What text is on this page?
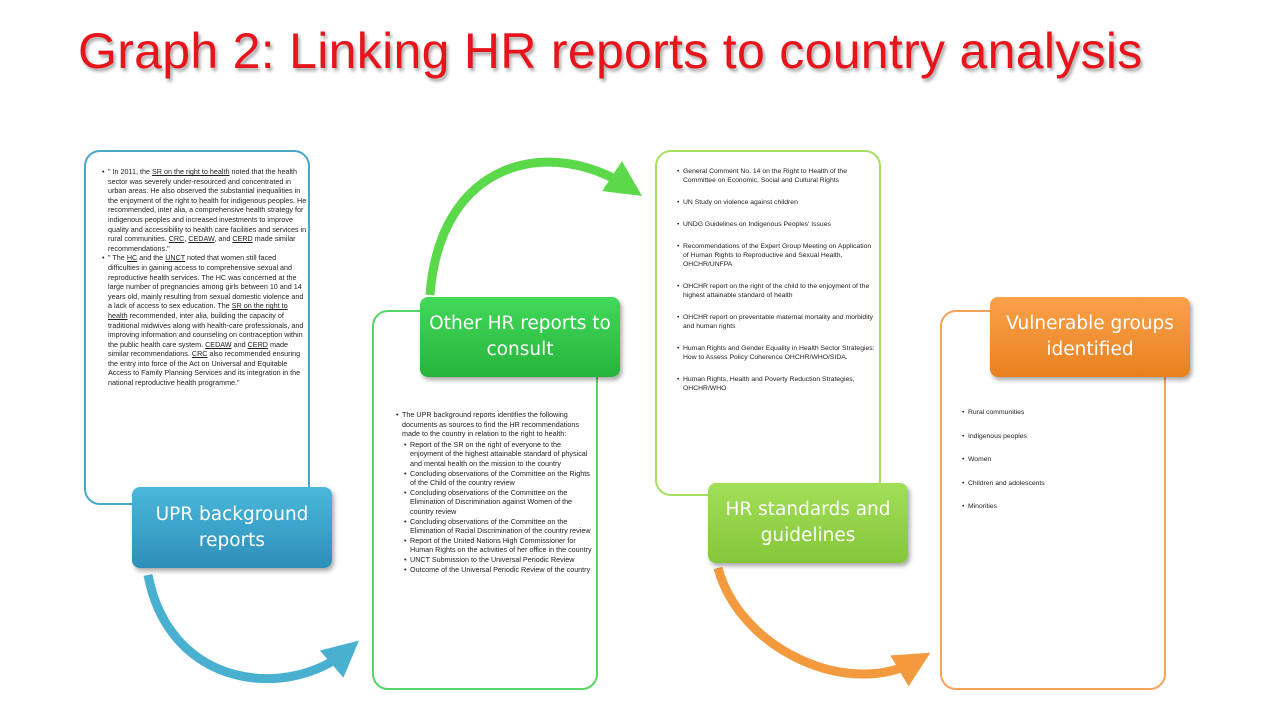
Graph 2: Linking HR reports to country analysis
• " In 2011, the SR on the right to health noted that the health sector was severely under-resourced and concentrated in urban areas. He also observed the substantial inequalities in the enjoyment of the right to health for indigenous peoples. He recommended, inter alia, a comprehensive health strategy for indigenous peoples and increased investments to improve quality and accessibility to health care facilities and services in rural communities. CRC, CEDAW, and CERD made similar recommendations."
• " The HC and the UNCT noted that women still faced difficulties in gaining access to comprehensive sexual and reproductive health services. The HC was concerned at the large number of pregnancies among girls between 10 and 14 years old, mainly resulting from sexual domestic violence and a lack of access to sex education. The SR on the right to health recommended, inter alia, building the capacity of traditional midwives along with health-care professionals, and improving information and counseling on contraception within the public health care system. CEDAW and CERD made similar recommendations. CRC also recommended ensuring the entry into force of the Act on Universal and Equitable Access to Family Planning Services and its integration in the national reproductive health programme."
UPR background reports
• The UPR background reports identifies the following documents as sources to find the HR recommendations made to the country in relation to the right to health:
• Report of the SR on the right of everyone to the enjoyment of the highest attainable standard of physical and mental health on the mission to the country
• Concluding observations of the Committee on the Rights of the Child of the country review
• Concluding observations of the Committee on the Elimination of Discrimination against Women of the country review
• Concluding observations of the Committee on the Elimination of Racial Discrimination of the country review
• Report of the United Nations High Commissioner for Human Rights on the activities of her office in the country
• UNCT Submission to the Universal Periodic Review
• Outcome of the Universal Periodic Review of the country
Other HR reports to consult
• General Comment No. 14 on the Right to Health of the Committee on Economic, Social and Cultural Rights
• UN Study on violence against children
• UNDG Guidelines on Indigenous Peoples' Issues
• Recommendations of the Expert Group Meeting on Application of Human Rights to Reproductive and Sexual Health, OHCHR/UNFPA
• OHCHR report on the right of the child to the enjoyment of the highest attainable standard of health
• OHCHR report on preventable maternal mortality and morbidity and human rights
• Human Rights and Gender Equality in Health Sector Strategies: How to Assess Policy Coherence OHCHR/WHO/SIDA.
• Human Rights, Health and Poverty Reduction Strategies, OHCHR/WHO
HR standards and guidelines
• Rural communities
• Indigenous peoples
• Women
• Children and adolescents
• Minorities
Vulnerable groups identified
